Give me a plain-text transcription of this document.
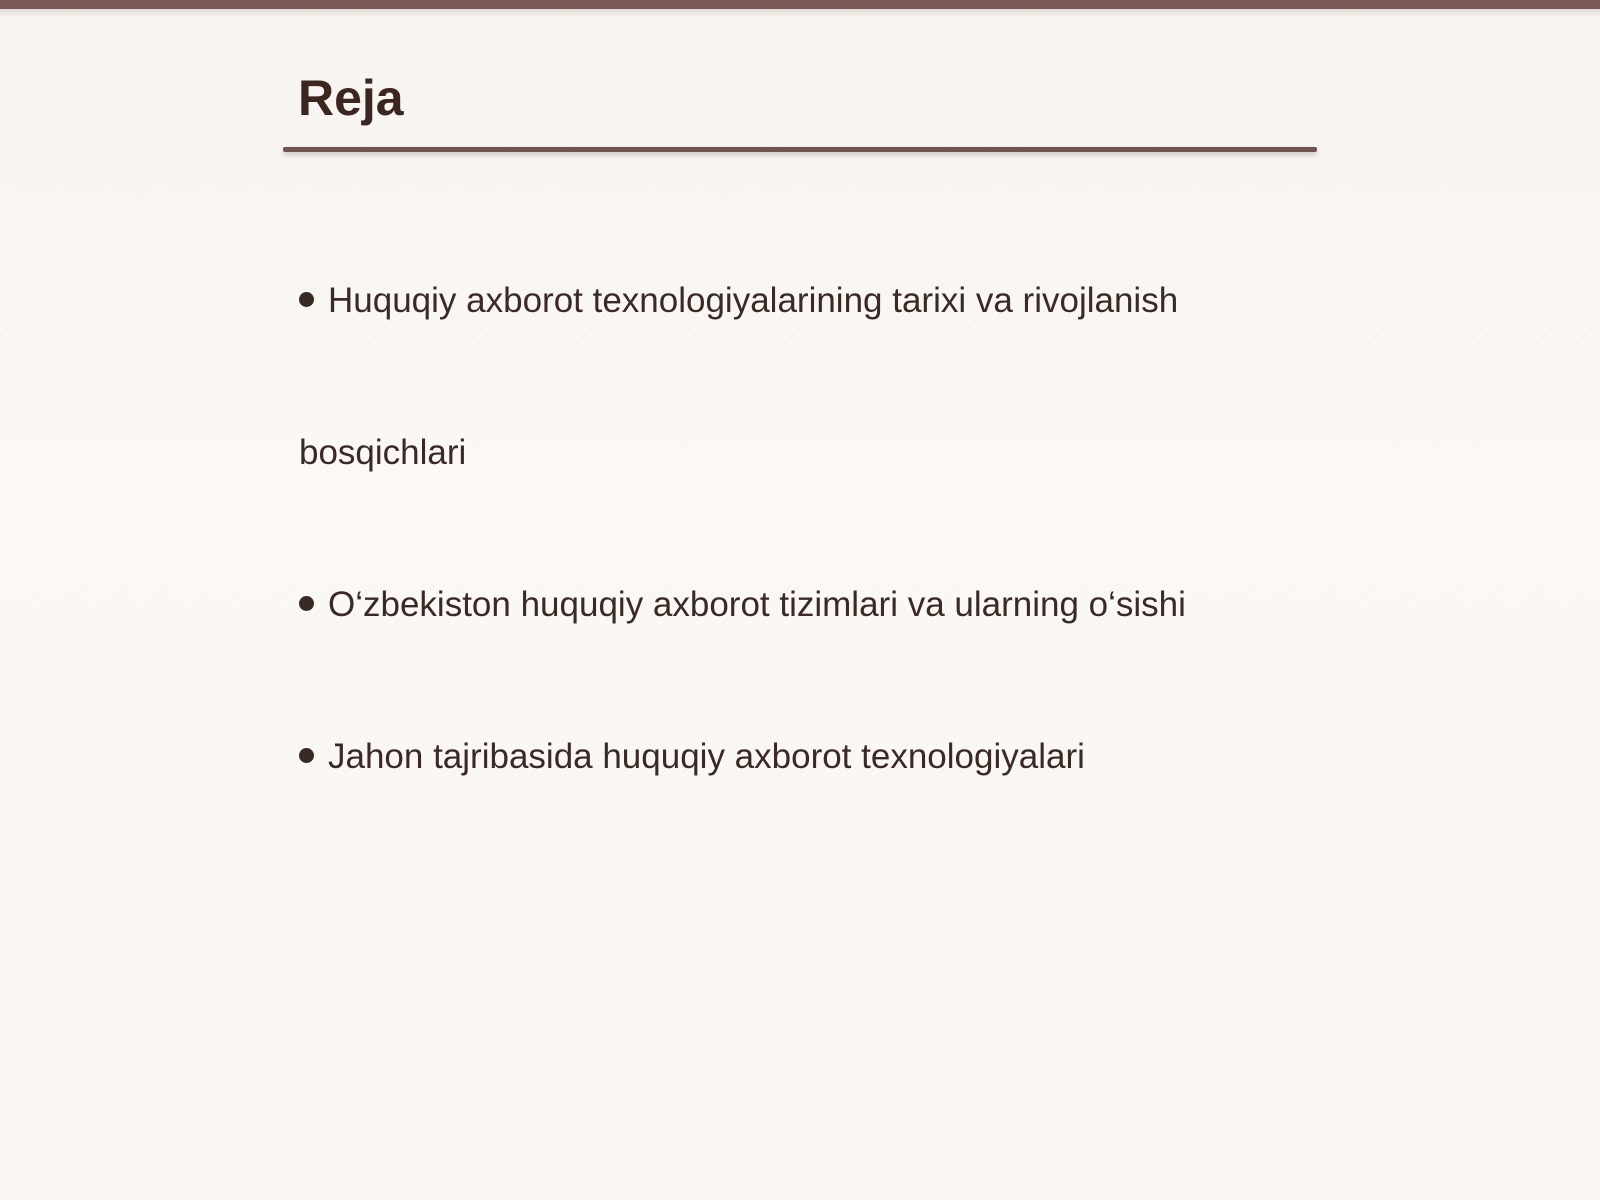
Reja

Huquqiy axborot texnologiyalarining tarixi va rivojlanish

bosqichlari

O‘zbekiston huquqiy axborot tizimlari va ularning o‘sishi

Jahon tajribasida huquqiy axborot texnologiyalari
